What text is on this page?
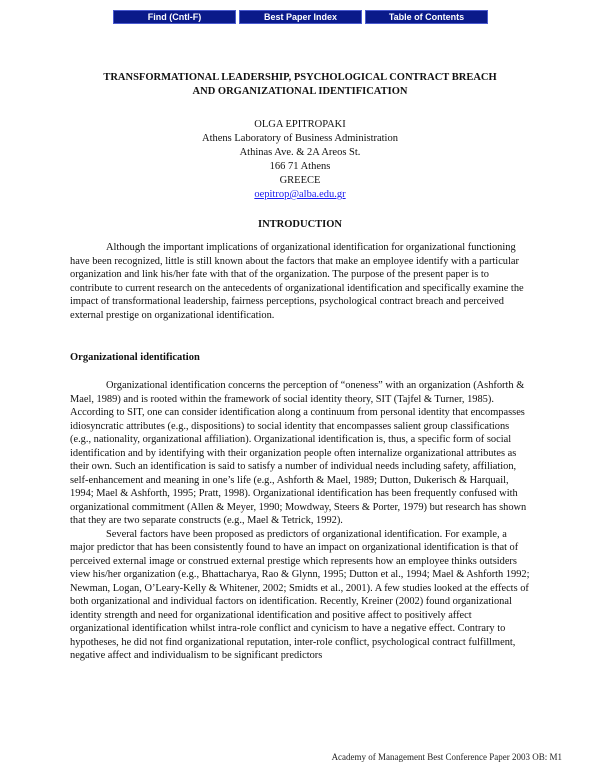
Find (Cntl-F)	Best Paper Index	Table of Contents
TRANSFORMATIONAL LEADERSHIP, PSYCHOLOGICAL CONTRACT BREACH
AND ORGANIZATIONAL IDENTIFICATION
OLGA EPITROPAKI
Athens Laboratory of Business Administration
Athinas Ave. & 2A Areos St.
166 71 Athens
GREECE
oepitrop@alba.edu.gr
INTRODUCTION

Although the important implications of organizational identification for organizational functioning have been recognized, little is still known about the factors that make an employee identify with a particular organization and link his/her fate with that of the organization. The purpose of the present paper is to contribute to current research on the antecedents of organizational identification and specifically examine the impact of transformational leadership, fairness perceptions, psychological contract breach and perceived external prestige on organizational identification.

Organizational identification

Organizational identification concerns the perception of “oneness” with an organization (Ashforth & Mael, 1989) and is rooted within the framework of social identity theory, SIT (Tajfel & Turner, 1985). According to SIT, one can consider identification along a continuum from personal identity that encompasses idiosyncratic attributes (e.g., dispositions) to social identity that encompasses salient group classifications (e.g., nationality, organizational affiliation). Organizational identification is, thus, a specific form of social identification and by identifying with their organization people often internalize organizational attributes as their own. Such an identification is said to satisfy a number of individual needs including safety, affiliation, self-enhancement and meaning in one’s life (e.g., Ashforth & Mael, 1989; Dutton, Dukerisch & Harquail, 1994; Mael & Ashforth, 1995; Pratt, 1998). Organizational identification has been frequently confused with organizational commitment (Allen & Meyer, 1990; Mowdway, Steers & Porter, 1979) but research has shown that they are two separate constructs (e.g., Mael & Tetrick, 1992).

Several factors have been proposed as predictors of organizational identification. For example, a major predictor that has been consistently found to have an impact on organizational identification is that of perceived external image or construed external prestige which represents how an employee thinks outsiders view his/her organization (e.g., Bhattacharya, Rao & Glynn, 1995; Dutton et al., 1994; Mael & Ashforth 1992; Newman, Logan, O’Leary-Kelly & Whitener, 2002; Smidts et al., 2001). A few studies looked at the effects of both organizational and individual factors on identification. Recently, Kreiner (2002) found organizational identity strength and need for organizational identification and positive affect to positively affect organizational identification whilst intra-role conflict and cynicism to have a negative effect. Contrary to hypotheses, he did not find organizational reputation, inter-role conflict, psychological contract fulfillment, negative affect and individualism to be significant predictors

Academy of Management Best Conference Paper 2003 OB: M1
